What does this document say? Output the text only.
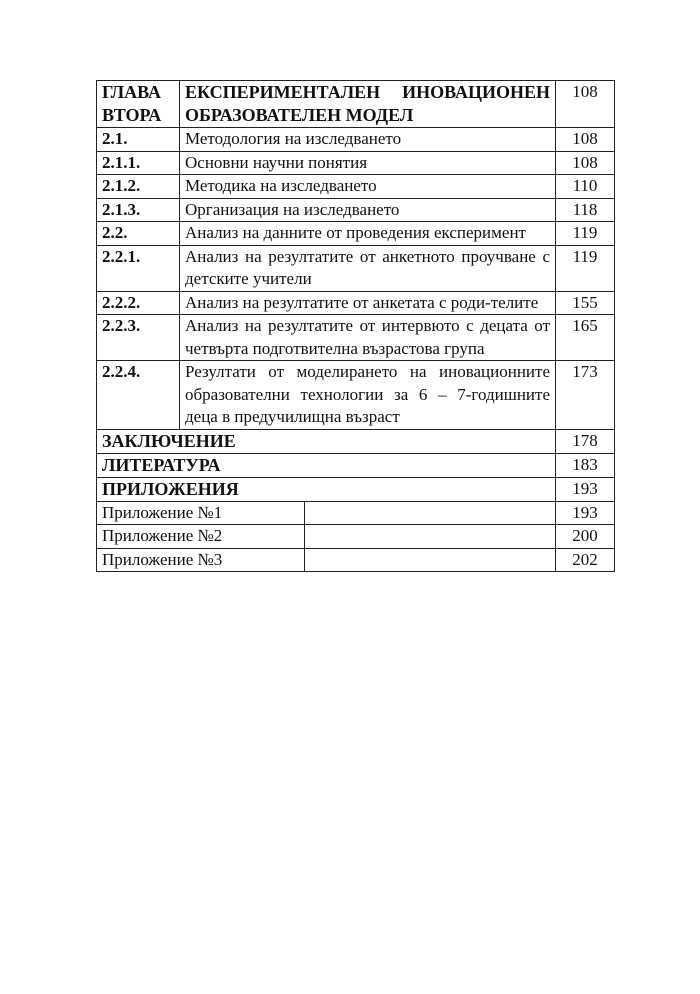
ГЛАВА ВТОРА	ЕКСПЕРИМЕНТАЛЕН ИНОВАЦИОНЕН ОБРАЗОВАТЕЛЕН МОДЕЛ	108
2.1.	Методология на изследването	108
2.1.1.	Основни научни понятия	108
2.1.2.	Методика на изследването	110
2.1.3.	Организация на изследването	118
2.2.	Анализ на данните от проведения експеримент	119
2.2.1.	Анализ на резултатите от анкетното проучване с детските учители	119
2.2.2.	Анализ на резултатите от анкетата с роди-телите	155
2.2.3.	Анализ на резултатите от интервюто с децата от четвърта подготвителна възрастова група	165
2.2.4.	Резултати от моделирането на иновационните образователни технологии за 6 – 7-годишните деца в предучилищна възраст	173
ЗАКЛЮЧЕНИЕ		178
ЛИТЕРАТУРА		183
ПРИЛОЖЕНИЯ		193

Приложение №1		193

Приложение №2		200

Приложение №3		202
